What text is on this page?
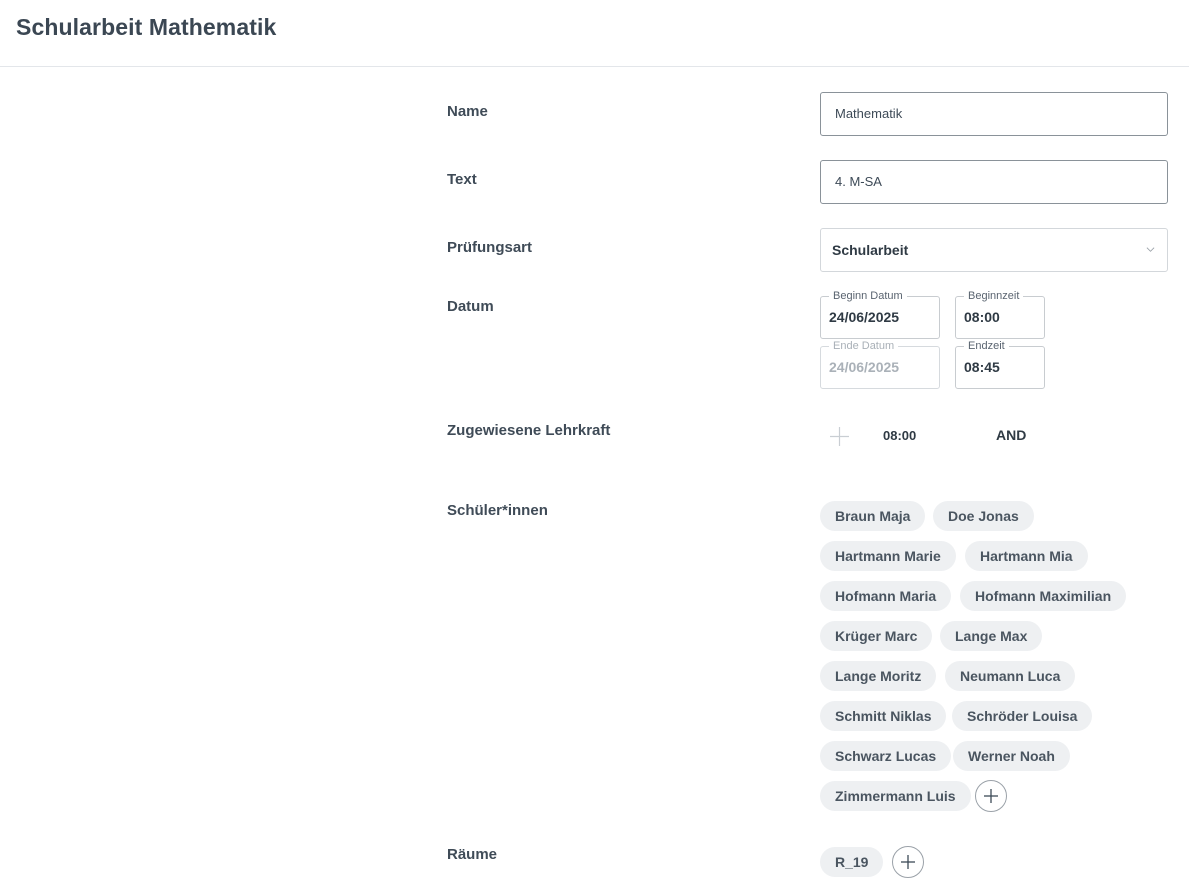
Schularbeit Mathematik
Name	Mathematik
Text	4. M-SA
Prüfungsart	Schularbeit
Datum
Beginn Datum
24/06/2025
Beginnzeit
08:00
Ende Datum
24/06/2025
Endzeit
08:45
Zugewiesene Lehrkraft	08:00	AND
Schüler*innen	Braun Maja	Doe Jonas
Hartmann Marie	Hartmann Mia
Hofmann Maria	Hofmann Maximilian
Krüger Marc	Lange Max
Lange Moritz	Neumann Luca
Schmitt Niklas	Schröder Louisa
Schwarz Lucas	Werner Noah
Zimmermann Luis
Räume	R_19
